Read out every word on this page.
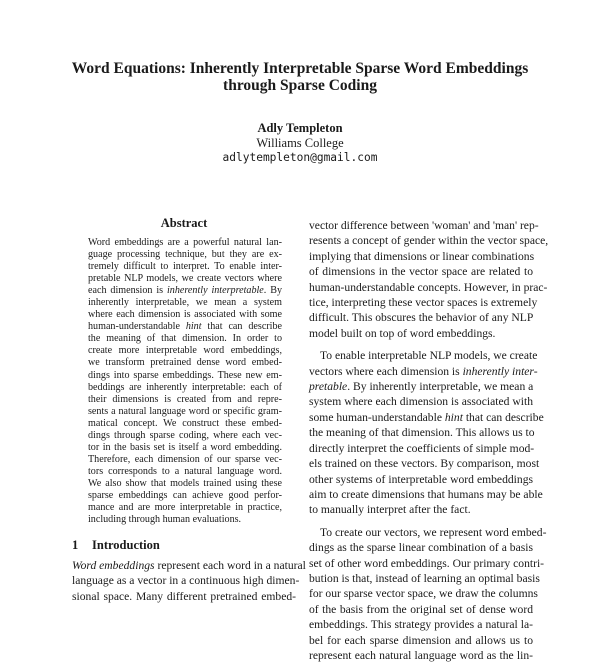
Word Equations: Inherently Interpretable Sparse Word Embeddings
through Sparse Coding
Adly Templeton
Williams College
adlytempleton@gmail.com
Abstract
Word embeddings are a powerful natural lan-
guage processing technique, but they are ex-
tremely difficult to interpret. To enable inter-
pretable NLP models, we create vectors where
each dimension is inherently interpretable. By
inherently interpretable, we mean a system
where each dimension is associated with some
human-understandable hint that can describe
the meaning of that dimension. In order to
create more interpretable word embeddings,
we transform pretrained dense word embed-
dings into sparse embeddings. These new em-
beddings are inherently interpretable: each of
their dimensions is created from and repre-
sents a natural language word or specific gram-
matical concept. We construct these embed-
dings through sparse coding, where each vec-
tor in the basis set is itself a word embedding.
Therefore, each dimension of our sparse vec-
tors corresponds to a natural language word.
We also show that models trained using these
sparse embeddings can achieve good perfor-
mance and are more interpretable in practice,
including through human evaluations.
1 Introduction
Word embeddings represent each word in a natural
language as a vector in a continuous high dimen-
sional space. Many different pretrained embed-

vector difference between 'woman' and 'man' rep-
resents a concept of gender within the vector space,
implying that dimensions or linear combinations
of dimensions in the vector space are related to
human-understandable concepts. However, in prac-
tice, interpreting these vector spaces is extremely
difficult. This obscures the behavior of any NLP
model built on top of word embeddings.

To enable interpretable NLP models, we create
vectors where each dimension is inherently inter-
pretable. By inherently interpretable, we mean a
system where each dimension is associated with
some human-understandable hint that can describe
the meaning of that dimension. This allows us to
directly interpret the coefficients of simple mod-
els trained on these vectors. By comparison, most
other systems of interpretable word embeddings
aim to create dimensions that humans may be able
to manually interpret after the fact.

To create our vectors, we represent word embed-
dings as the sparse linear combination of a basis
set of other word embeddings. Our primary contri-
bution is that, instead of learning an optimal basis
for our sparse vector space, we draw the columns
of the basis from the original set of dense word
embeddings. This strategy provides a natural la-
bel for each sparse dimension and allows us to
represent each natural language word as the lin-
